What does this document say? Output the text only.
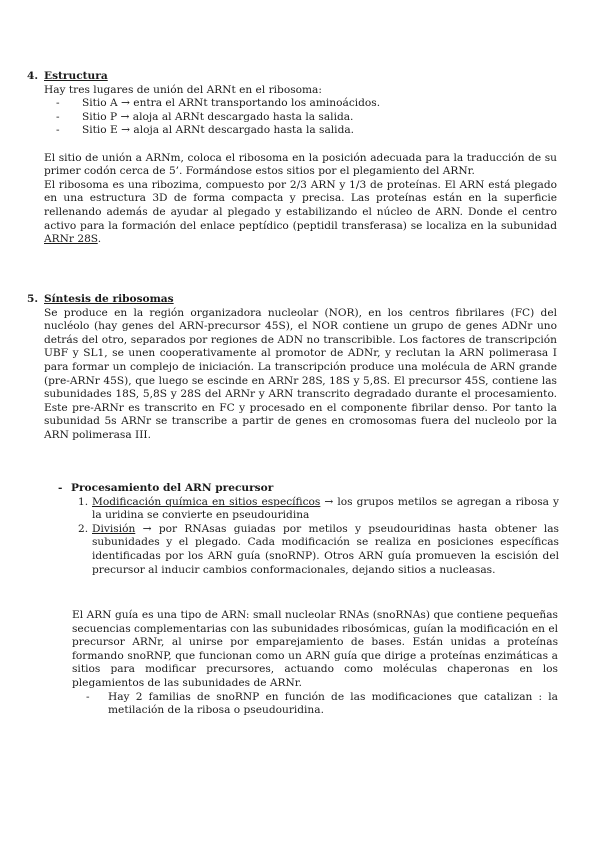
4. Estructura

Hay tres lugares de unión del ARNt en el ribosoma:

-	Sitio A → entra el ARNt transportando los aminoácidos.
-	Sitio P → aloja al ARNt descargado hasta la salida.
-	Sitio E → aloja al ARNt descargado hasta la salida.

El sitio de unión a ARNm, coloca el ribosoma en la posición adecuada para la traducción de su primer codón cerca de 5’. Formándose estos sitios por el plegamiento del ARNr.

El ribosoma es una ribozima, compuesto por 2/3 ARN y 1/3 de proteínas. El ARN está plegado en una estructura 3D de forma compacta y precisa. Las proteínas están en la superficie rellenando además de ayudar al plegado y estabilizando el núcleo de ARN. Donde el centro activo para la formación del enlace peptídico (peptidil transferasa) se localiza en la subunidad ARNr 28S.

5. Síntesis de ribosomas

Se produce en la región organizadora nucleolar (NOR), en los centros fibrilares (FC) del nucléolo (hay genes del ARN-precursor 45S), el NOR contiene un grupo de genes ADNr uno detrás del otro, separados por regiones de ADN no transcribible. Los factores de transcripción UBF y SL1, se unen cooperativamente al promotor de ADNr, y reclutan la ARN polimerasa I para formar un complejo de iniciación. La transcripción produce una molécula de ARN grande (pre-ARNr 45S), que luego se escinde en ARNr 28S, 18S y 5,8S. El precursor 45S, contiene las subunidades 18S, 5,8S y 28S del ARNr y ARN transcrito degradado durante el procesamiento. Este pre-ARNr es transcrito en FC y procesado en el componente fibrilar denso. Por tanto la subunidad 5s ARNr se transcribe a partir de genes en cromosomas fuera del nucleolo por la ARN polimerasa III.

- Procesamiento del ARN precursor
1. Modificación química en sitios específicos → los grupos metilos se agregan a ribosa y la uridina se convierte en pseudouridina
2. División → por RNAsas guiadas por metilos y pseudouridinas hasta obtener las subunidades y el plegado. Cada modificación se realiza en posiciones específicas identificadas por los ARN guía (snoRNP). Otros ARN guía promueven la escisión del precursor al inducir cambios conformacionales, dejando sitios a nucleasas.

El ARN guía es una tipo de ARN: small nucleolar RNAs (snoRNAs) que contiene pequeñas secuencias complementarias con las subunidades ribosómicas, guían la modificación en el precursor ARNr, al unirse por emparejamiento de bases. Están unidas a proteínas formando snoRNP, que funcionan como un ARN guía que dirige a proteínas enzimáticas a sitios para modificar precursores, actuando como moléculas chaperonas en los plegamientos de las subunidades de ARNr.

-	Hay 2 familias de snoRNP en función de las modificaciones que catalizan : la metilación de la ribosa o pseudouridina.
